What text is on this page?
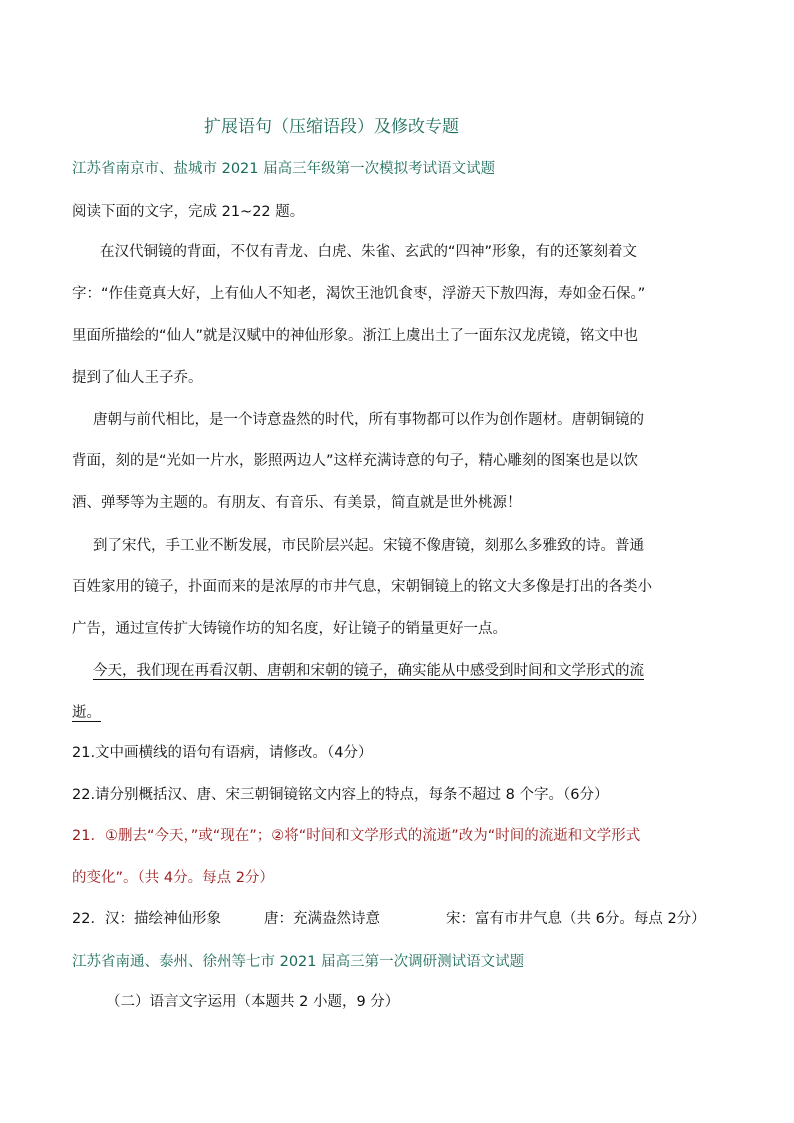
扩展语句（压缩语段）及修改专题
江苏省南京市、盐城市 2021 届高三年级第一次模拟考试语文试题
阅读下面的文字，完成 21~22 题。
在汉代铜镜的背面，不仅有青龙、白虎、朱雀、玄武的“四神”形象，有的还篆刻着文
字：“作佳竟真大好，上有仙人不知老，渴饮王池饥食枣，浮游天下敖四海，寿如金石保。”
里面所描绘的“仙人”就是汉赋中的神仙形象。浙江上虞出土了一面东汉龙虎镜，铭文中也
提到了仙人王子乔。
唐朝与前代相比，是一个诗意盎然的时代，所有事物都可以作为创作题材。唐朝铜镜的
背面，刻的是“光如一片水，影照两边人”这样充满诗意的句子，精心雕刻的图案也是以饮
酒、弹琴等为主题的。有朋友、有音乐、有美景，简直就是世外桃源！
到了宋代，手工业不断发展，市民阶层兴起。宋镜不像唐镜，刻那么多雅致的诗。普通
百姓家用的镜子，扑面而来的是浓厚的市井气息，宋朝铜镜上的铭文大多像是打出的各类小
广告，通过宣传扩大铸镜作坊的知名度，好让镜子的销量更好一点。
今天，我们现在再看汉朝、唐朝和宋朝的镜子，确实能从中感受到时间和文学形式的流
逝。
21.文中画横线的语句有语病，请修改。（4分）
22.请分别概括汉、唐、宋三朝铜镜铭文内容上的特点，每条不超过 8 个字。（6分）
21．①删去“今天，”或“现在”；②将“时间和文学形式的流逝”改为“时间的流逝和文学形式
的变化”。（共 4分。每点 2分）
22．汉：描绘神仙形象	唐：充满盎然诗意	宋：富有市井气息（共 6分。每点 2分）
江苏省南通、泰州、徐州等七市 2021 届高三第一次调研测试语文试题
（二）语言文字运用（本题共 2 小题，9 分）
